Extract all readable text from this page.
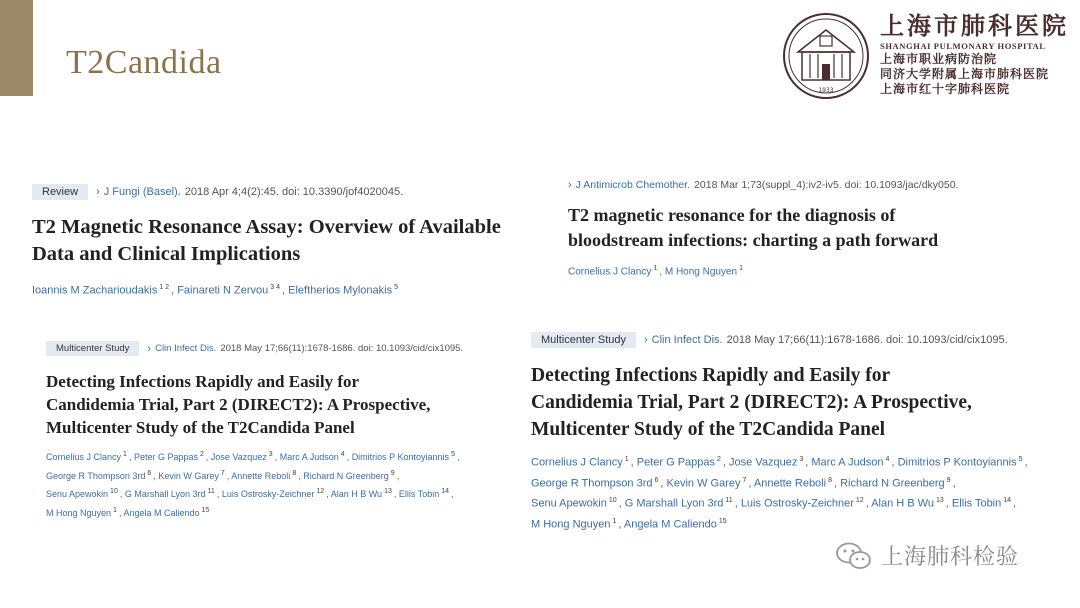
T2Candida
1933
上海市肺科医院
SHANGHAI PULMONARY HOSPITAL
上海市职业病防治院
同济大学附属上海市肺科医院
上海市红十字肺科医院
Review	› J Fungi (Basel). 2018 Apr 4;4(2):45. doi: 10.3390/jof4020045.
T2 Magnetic Resonance Assay: Overview of Available
Data and Clinical Implications
Ioannis M Zacharioudakis $^{1 2}$ , Fainareti N Zervou $^{3 4}$ , Eleftherios Mylonakis $^5$
› J Antimicrob Chemother. 2018 Mar 1;73(suppl_4):iv2-iv5. doi: 10.1093/jac/dky050.
T2 magnetic resonance for the diagnosis of
bloodstream infections: charting a path forward
Cornelius J Clancy $^1$ , M Hong Nguyen $^1$
Multicenter Study	› Clin Infect Dis. 2018 May 17;66(11):1678-1686. doi: 10.1093/cid/cix1095.
Detecting Infections Rapidly and Easily for
Candidemia Trial, Part 2 (DIRECT2): A Prospective,
Multicenter Study of the T2Candida Panel
Cornelius J Clancy $^1$ , Peter G Pappas $^2$ , Jose Vazquez $^3$ , Marc A Judson $^4$ , Dimitrios P Kontoyiannis $^5$ ,
George R Thompson 3rd $^6$ , Kevin W Garey $^7$ , Annette Reboli $^8$ , Richard N Greenberg $^9$ ,
Senu Apewokin $^{10}$ , G Marshall Lyon 3rd $^{11}$ , Luis Ostrosky-Zeichner $^{12}$ , Alan H B Wu $^{13}$ , Ellis Tobin $^{14}$ ,
M Hong Nguyen $^1$ , Angela M Caliendo $^{15}$
Multicenter Study	› Clin Infect Dis. 2018 May 17;66(11):1678-1686. doi: 10.1093/cid/cix1095.
Detecting Infections Rapidly and Easily for
Candidemia Trial, Part 2 (DIRECT2): A Prospective,
Multicenter Study of the T2Candida Panel
Cornelius J Clancy $^1$ , Peter G Pappas $^2$ , Jose Vazquez $^3$ , Marc A Judson $^4$ , Dimitrios P Kontoyiannis $^5$ ,
George R Thompson 3rd $^6$ , Kevin W Garey $^7$ , Annette Reboli $^8$ , Richard N Greenberg $^9$ ,
Senu Apewokin $^{10}$ , G Marshall Lyon 3rd $^{11}$ , Luis Ostrosky-Zeichner $^{12}$ , Alan H B Wu $^{13}$ , Ellis Tobin $^{14}$ ,
M Hong Nguyen $^1$ , Angela M Caliendo $^{15}$
上海肺科检验
